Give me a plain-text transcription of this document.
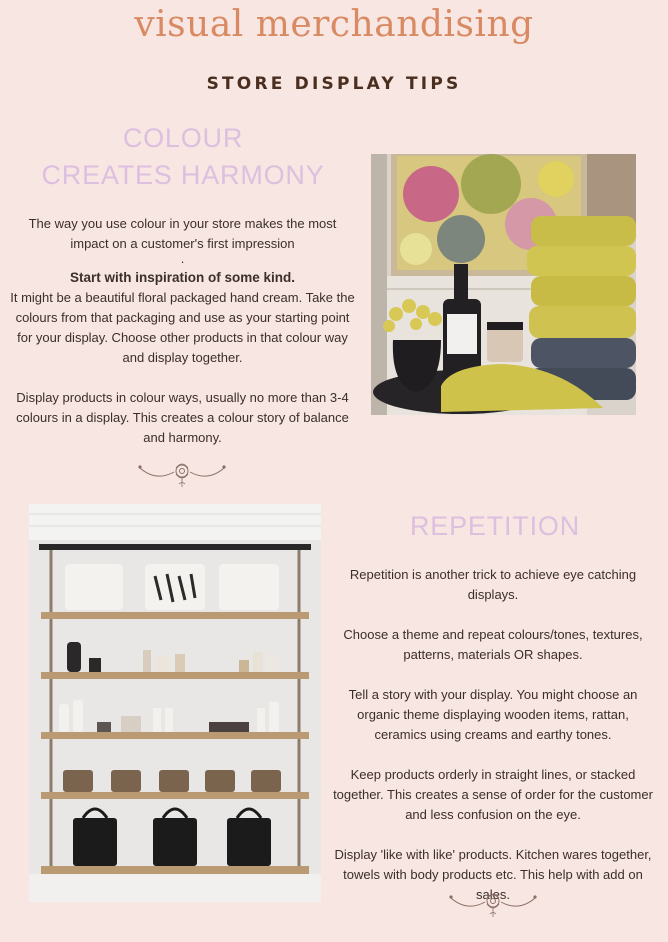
visual merchandising
STORE DISPLAY TIPS
COLOUR
CREATES HARMONY
The way you use colour in your store makes the most impact on a customer's first impression
.
Start with inspiration of some kind.
It might be a beautiful floral packaged hand cream. Take the colours from that packaging and use as your starting point for your display. Choose other products in that colour way and display together.
Display products in colour ways, usually no more than 3-4 colours in a display. This creates a colour story of balance and harmony.
REPETITION
Repetition is another trick to achieve eye catching displays.
Choose a theme and repeat colours/tones, textures, patterns, materials OR shapes.
Tell a story with your display. You might choose an organic theme displaying wooden items, rattan, ceramics using creams and earthy tones.
Keep products orderly in straight lines, or stacked together. This creates a sense of order for the customer and less confusion on the eye.
Display 'like with like' products. Kitchen wares together, towels with body products etc. This help with add on sales.
